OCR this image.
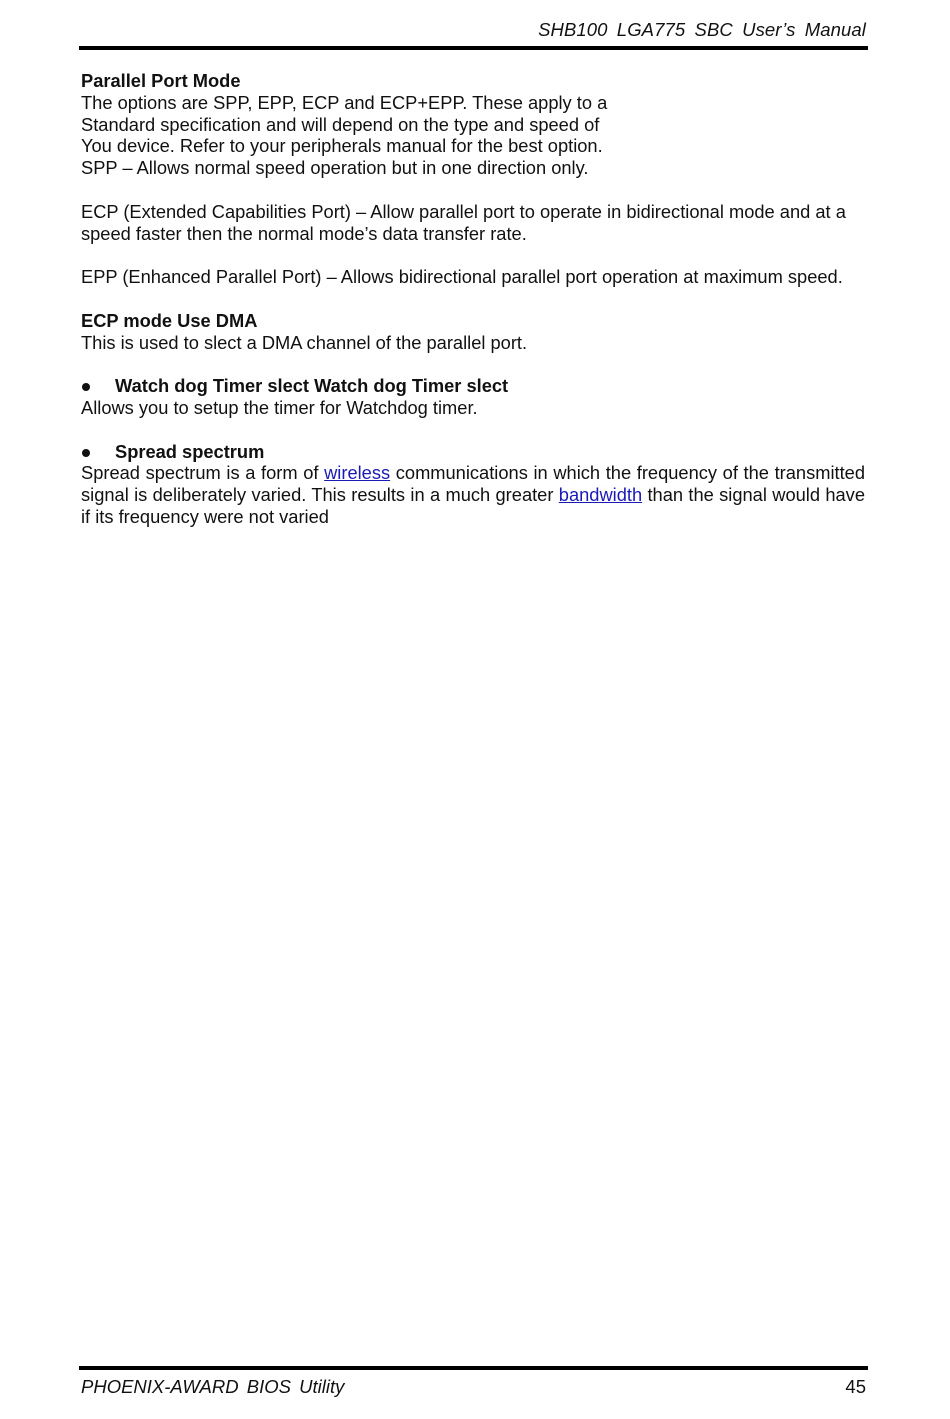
SHB100 LGA775 SBC User’s Manual

Parallel Port Mode

The options are SPP, EPP, ECP and ECP+EPP. These apply to a

Standard specification and will depend on the type and speed of

You device. Refer to your peripherals manual for the best option.

SPP – Allows normal speed operation but in one direction only.

ECP (Extended Capabilities Port) – Allow parallel port to operate in bidirectional mode and at a

speed faster then the normal mode’s data transfer rate.

EPP (Enhanced Parallel Port) – Allows bidirectional parallel port operation at maximum speed.

ECP mode Use DMA

This is used to slect a DMA channel of the parallel port.

Watch dog Timer slect Watch dog Timer slect

Allows you to setup the timer for Watchdog timer.

Spread spectrum

Spread spectrum is a form of wireless communications in which the frequency of the transmitted signal is deliberately varied. This results in a much greater bandwidth than the signal would have if its frequency were not varied

PHOENIX-AWARD BIOS Utility	45
